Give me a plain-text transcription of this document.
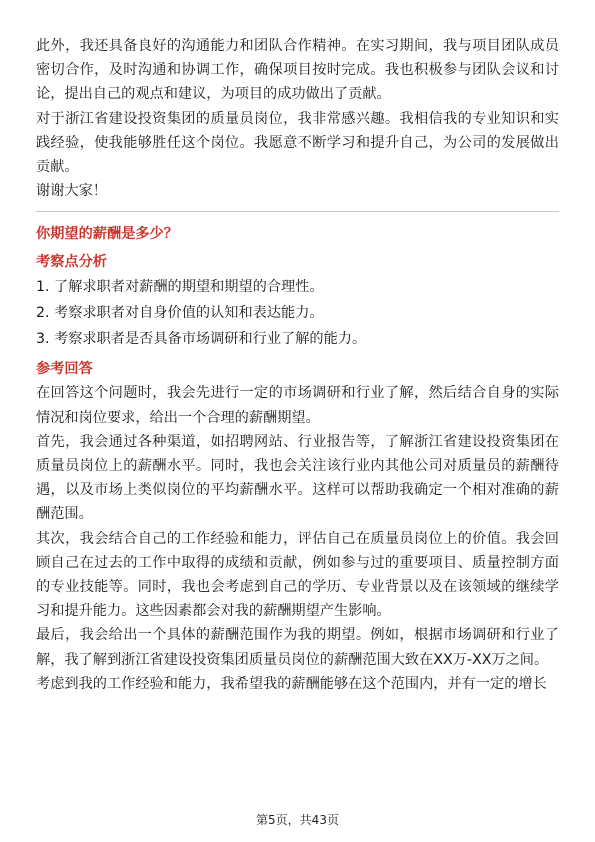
此外，我还具备良好的沟通能力和团队合作精神。在实习期间，我与项目团队成员密切合作，及时沟通和协调工作，确保项目按时完成。我也积极参与团队会议和讨论，提出自己的观点和建议，为项目的成功做出了贡献。

对于浙江省建设投资集团的质量员岗位，我非常感兴趣。我相信我的专业知识和实践经验，使我能够胜任这个岗位。我愿意不断学习和提升自己，为公司的发展做出贡献。

谢谢大家！

你期望的薪酬是多少？

考察点分析

1. 了解求职者对薪酬的期望和期望的合理性。
2. 考察求职者对自身价值的认知和表达能力。
3. 考察求职者是否具备市场调研和行业了解的能力。

参考回答

在回答这个问题时，我会先进行一定的市场调研和行业了解，然后结合自身的实际情况和岗位要求，给出一个合理的薪酬期望。

首先，我会通过各种渠道，如招聘网站、行业报告等，了解浙江省建设投资集团在质量员岗位上的薪酬水平。同时，我也会关注该行业内其他公司对质量员的薪酬待遇，以及市场上类似岗位的平均薪酬水平。这样可以帮助我确定一个相对准确的薪酬范围。

其次，我会结合自己的工作经验和能力，评估自己在质量员岗位上的价值。我会回顾自己在过去的工作中取得的成绩和贡献，例如参与过的重要项目、质量控制方面的专业技能等。同时，我也会考虑到自己的学历、专业背景以及在该领域的继续学习和提升能力。这些因素都会对我的薪酬期望产生影响。

最后，我会给出一个具体的薪酬范围作为我的期望。例如，根据市场调研和行业了解，我了解到浙江省建设投资集团质量员岗位的薪酬范围大致在XX万-XX万之间。

考虑到我的工作经验和能力，我希望我的薪酬能够在这个范围内，并有一定的增长

第5页，共43页
